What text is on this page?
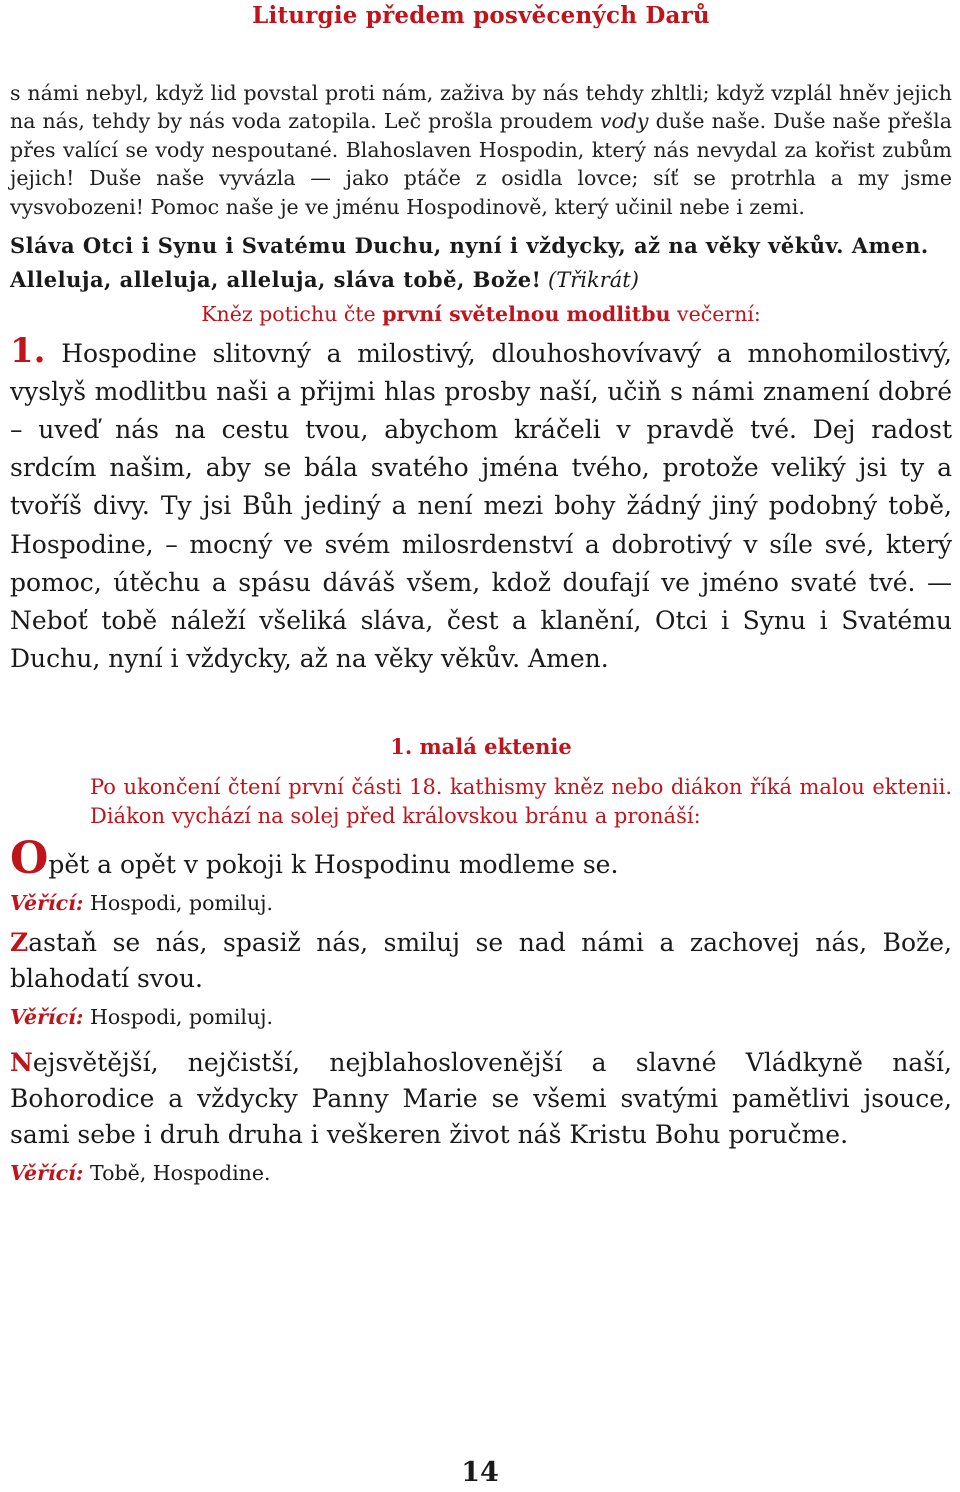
Liturgie předem posvěcených Darů
s námi nebyl, když lid povstal proti nám, zaživa by nás tehdy zhltli; když vzplál hněv jejich na nás, tehdy by nás voda zatopila. Leč prošla proudem vody duše naše. Duše naše přešla přes valící se vody nespoutané. Blahoslaven Hospodin, který nás nevydal za kořist zubům jejich! Duše naše vyvázla — jako ptáče z osidla lovce; síť se protrhla a my jsme vysvobozeni! Pomoc naše je ve jménu Hospodinově, který učinil nebe i zemi.
Sláva Otci i Synu i Svatému Duchu, nyní i vždycky, až na věky věkův. Amen.
Alleluja, alleluja, alleluja, sláva tobě, Bože! (Třikrát)
Kněz potichu čte první světelnou modlitbu večerní:
1. Hospodine slitovný a milostivý, dlouhoshovívavý a mnohomilostivý, vyslyš modlitbu naši a přijmi hlas prosby naší, učiň s námi znamení dobré – uveď nás na cestu tvou, abychom kráčeli v pravdě tvé. Dej radost srdcím našim, aby se bála svatého jména tvého, protože veliký jsi ty a tvoříš divy. Ty jsi Bůh jediný a není mezi bohy žádný jiný podobný tobě, Hospodine, – mocný ve svém milosrdenství a dobrotivý v síle své, který pomoc, útěchu a spásu dáváš všem, kdož doufají ve jméno svaté tvé. — Neboť tobě náleží všeliká sláva, čest a klanění, Otci i Synu i Svatému Duchu, nyní i vždycky, až na věky věkův. Amen.
1. malá ektenie
Po ukončení čtení první části 18. kathismy kněz nebo diákon říká malou ektenii. Diákon vychází na solej před královskou bránu a pronáší:
Opět a opět v pokoji k Hospodinu modleme se.
Věřící: Hospodi, pomiluj.
Zastaň se nás, spasiž nás, smiluj se nad námi a zachovej nás, Bože, blahodatí svou.
Věřící: Hospodi, pomiluj.
Nejsvětější, nejčistší, nejblahoslovenější a slavné Vládkyně naší, Bohorodice a vždycky Panny Marie se všemi svatými pamětlivi jsouce, sami sebe i druh druha i veškeren život náš Kristu Bohu poručme.
Věřící: Tobě, Hospodine.
14
